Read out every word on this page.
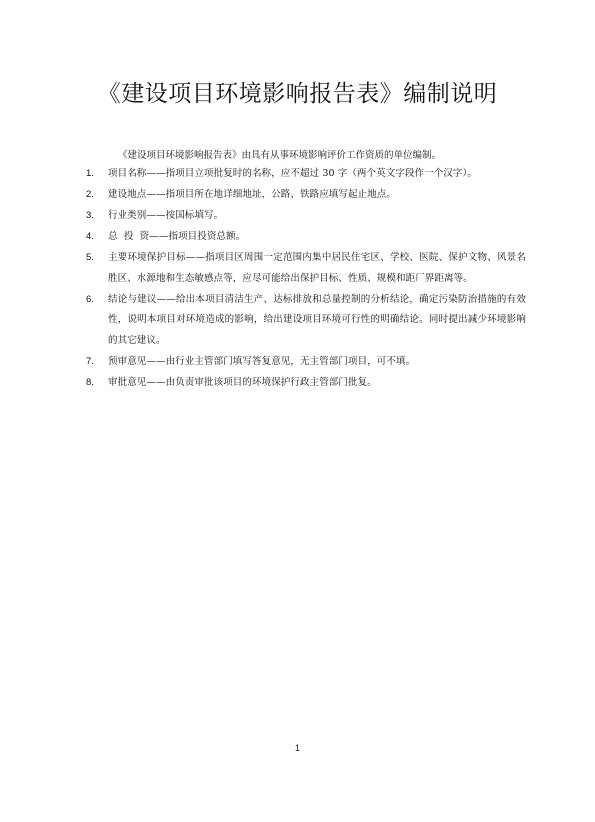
《建设项目环境影响报告表》编制说明

《建设项目环境影响报告表》由具有从事环境影响评价工作资质的单位编制。

1.	项目名称——指项目立项批复时的名称，应不超过 30 字（两个英文字段作一个汉字）。
2.	建设地点——指项目所在地详细地址，公路、铁路应填写起止地点。
3.	行业类别——按国标填写。
4.	总  投  资——指项目投资总额。
5.	主要环境保护目标——指项目区周围一定范围内集中居民住宅区、学校、医院、保护文物、风景名胜区、水源地和生态敏感点等，应尽可能给出保护目标、性质、规模和距厂界距离等。
6.	结论与建议——给出本项目清洁生产、达标排放和总量控制的分析结论，确定污染防治措施的有效性，说明本项目对环境造成的影响，给出建设项目环境可行性的明确结论。同时提出减少环境影响的其它建议。
7.	预审意见——由行业主管部门填写答复意见，无主管部门项目，可不填。
8.	审批意见——由负责审批该项目的环境保护行政主管部门批复。
1
